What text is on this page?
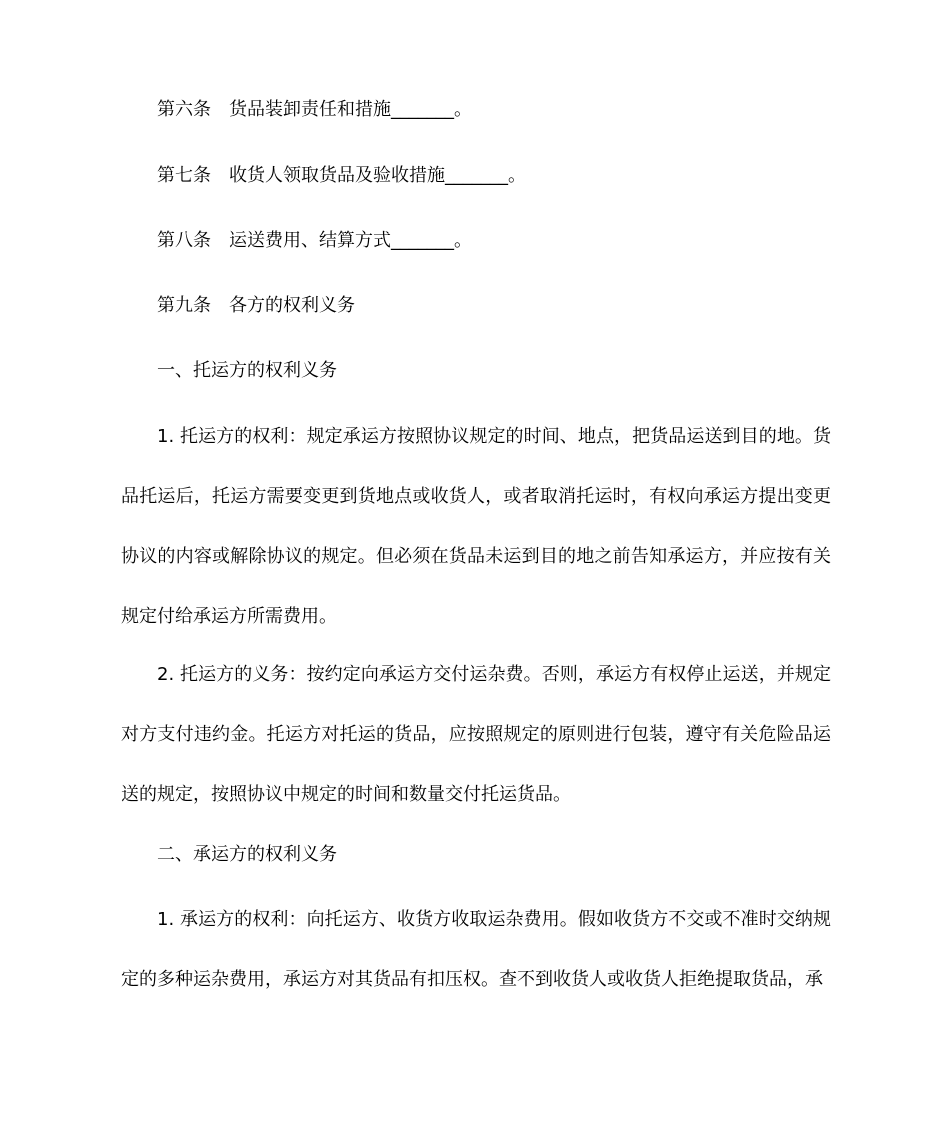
第六条　货品装卸责任和措施_______。

第七条　收货人领取货品及验收措施_______。

第八条　运送费用、结算方式_______。

第九条　各方的权利义务

一、托运方的权利义务

1. 托运方的权利：规定承运方按照协议规定的时间、地点，把货品运送到目的地。货品托运后，托运方需要变更到货地点或收货人，或者取消托运时，有权向承运方提出变更协议的内容或解除协议的规定。但必须在货品未运到目的地之前告知承运方，并应按有关规定付给承运方所需费用。

2. 托运方的义务：按约定向承运方交付运杂费。否则，承运方有权停止运送，并规定对方支付违约金。托运方对托运的货品，应按照规定的原则进行包装，遵守有关危险品运送的规定，按照协议中规定的时间和数量交付托运货品。

二、承运方的权利义务

1. 承运方的权利：向托运方、收货方收取运杂费用。假如收货方不交或不准时交纳规定的多种运杂费用，承运方对其货品有扣压权。查不到收货人或收货人拒绝提取货品，承
